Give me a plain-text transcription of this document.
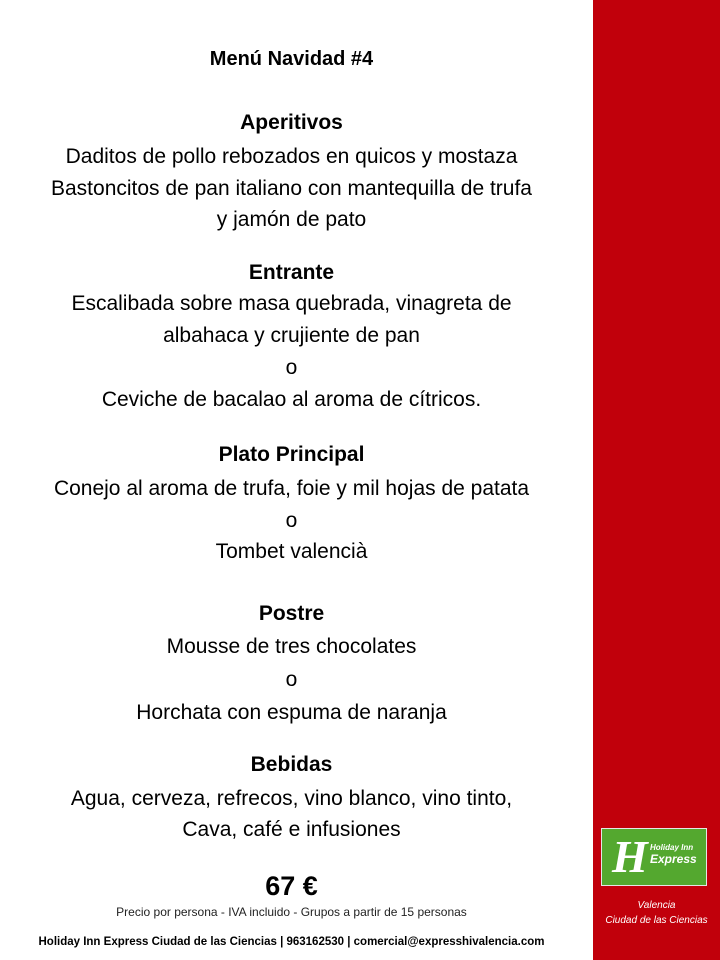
Menú Navidad #4
Aperitivos
Daditos de pollo rebozados en quicos y mostaza
Bastoncitos de pan italiano con mantequilla de trufa
y jamón de pato
Entrante
Escalibada sobre masa quebrada, vinagreta de
albahaca y crujiente de pan
o
Ceviche de bacalao al aroma de cítricos.
Plato Principal
Conejo al aroma de trufa, foie y mil hojas de patata
o
Tombet valencià
Postre
Mousse de tres chocolates
o
Horchata con espuma de naranja
Bebidas
Agua, cerveza, refrecos, vino blanco, vino tinto,
Cava, café e infusiones
67 €
Precio por persona - IVA incluido - Grupos a partir de 15 personas
Holiday Inn Express Ciudad de las Ciencias | 963162530 | comercial@expresshivalencia.com
H Holiday Inn
Express
Valencia
Ciudad de las Ciencias
